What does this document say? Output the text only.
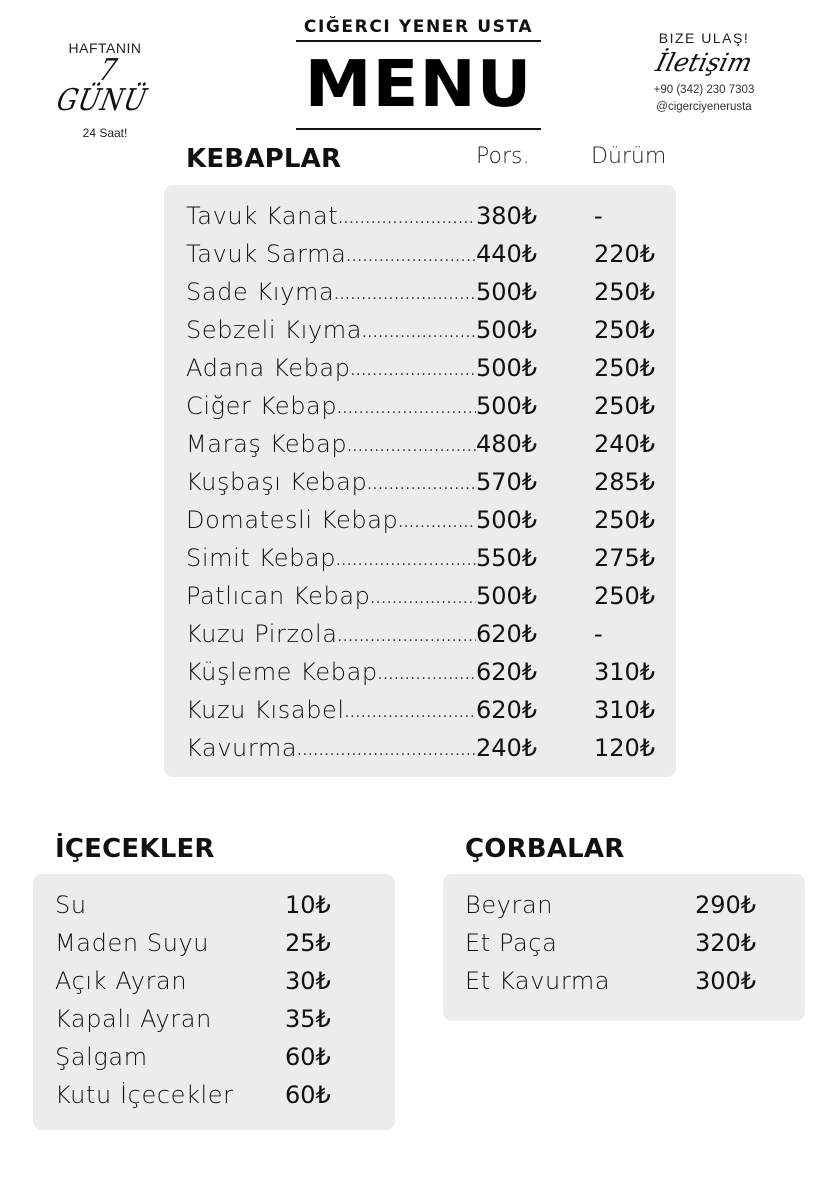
HAFTANIN
7 GÜNÜ
24 Saat!
CIĞERCI YENER USTA
MENU
BIZE ULAŞ!
İletişim
+90 (342) 230 7303
@cigerciyenerusta
KEBAPLAR	Pors.	Dürüm
Tavuk Kanat .....	380₺ -
Tavuk Sarma .....	440₺ 220₺
Sade Kıyma .....	500₺ 250₺
Sebzeli Kıyma .....	500₺ 250₺
Adana Kebap .....	500₺ 250₺
Ciğer Kebap .....	500₺ 250₺
Maraş Kebap .....	480₺ 240₺
Kuşbaşı Kebap .....	570₺ 285₺
Domatesli Kebap .....	500₺ 250₺
Simit Kebap .....	550₺ 275₺
Patlıcan Kebap .....	500₺ 250₺
Kuzu Pirzola .....	620₺ -
Küşleme Kebap .....	620₺ 310₺
Kuzu Kısabel .....	620₺ 310₺
Kavurma .....	240₺ 120₺
İÇECEKLER
Su	10₺
Maden Suyu	25₺
Açık Ayran	30₺
Kapalı Ayran	35₺
Şalgam	60₺
Kutu İçecekler 60₺
ÇORBALAR
Beyran	290₺
Et Paça	320₺
Et Kavurma	300₺
